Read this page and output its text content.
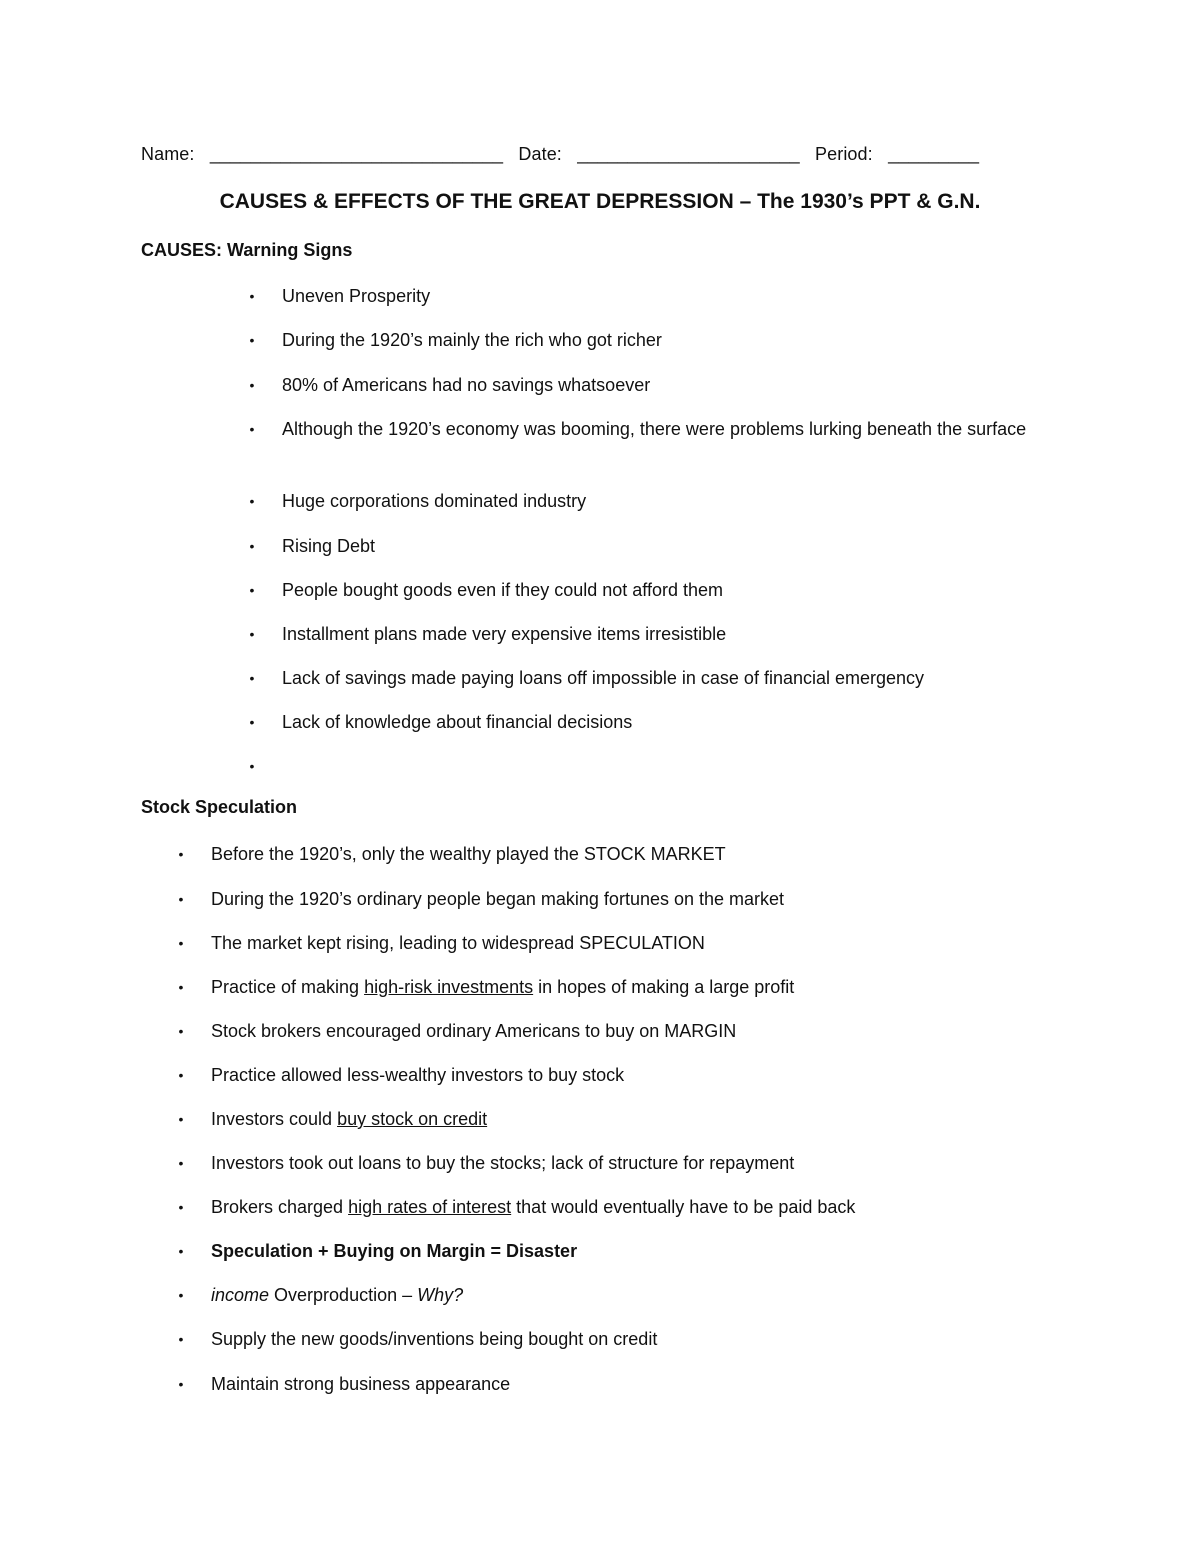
Name: _____________________________ Date: ______________________ Period: _________
CAUSES & EFFECTS OF THE GREAT DEPRESSION – The 1930’s PPT & G.N.
CAUSES: Warning Signs
• Uneven Prosperity
• During the 1920’s mainly the rich who got richer
• 80% of Americans had no savings whatsoever
• Although the 1920’s economy was booming, there were problems lurking beneath the surface
• Huge corporations dominated industry
• Rising Debt
• People bought goods even if they could not afford them
• Installment plans made very expensive items irresistible
• Lack of savings made paying loans off impossible in case of financial emergency
• Lack of knowledge about financial decisions
•
Stock Speculation
• Before the 1920’s, only the wealthy played the STOCK MARKET
• During the 1920’s ordinary people began making fortunes on the market
• The market kept rising, leading to widespread SPECULATION
• Practice of making high-risk investments in hopes of making a large profit
• Stock brokers encouraged ordinary Americans to buy on MARGIN
• Practice allowed less-wealthy investors to buy stock
• Investors could buy stock on credit
• Investors took out loans to buy the stocks; lack of structure for repayment
• Brokers charged high rates of interest that would eventually have to be paid back
• Speculation + Buying on Margin = Disaster
• income Overproduction – Why?
• Supply the new goods/inventions being bought on credit
• Maintain strong business appearance
